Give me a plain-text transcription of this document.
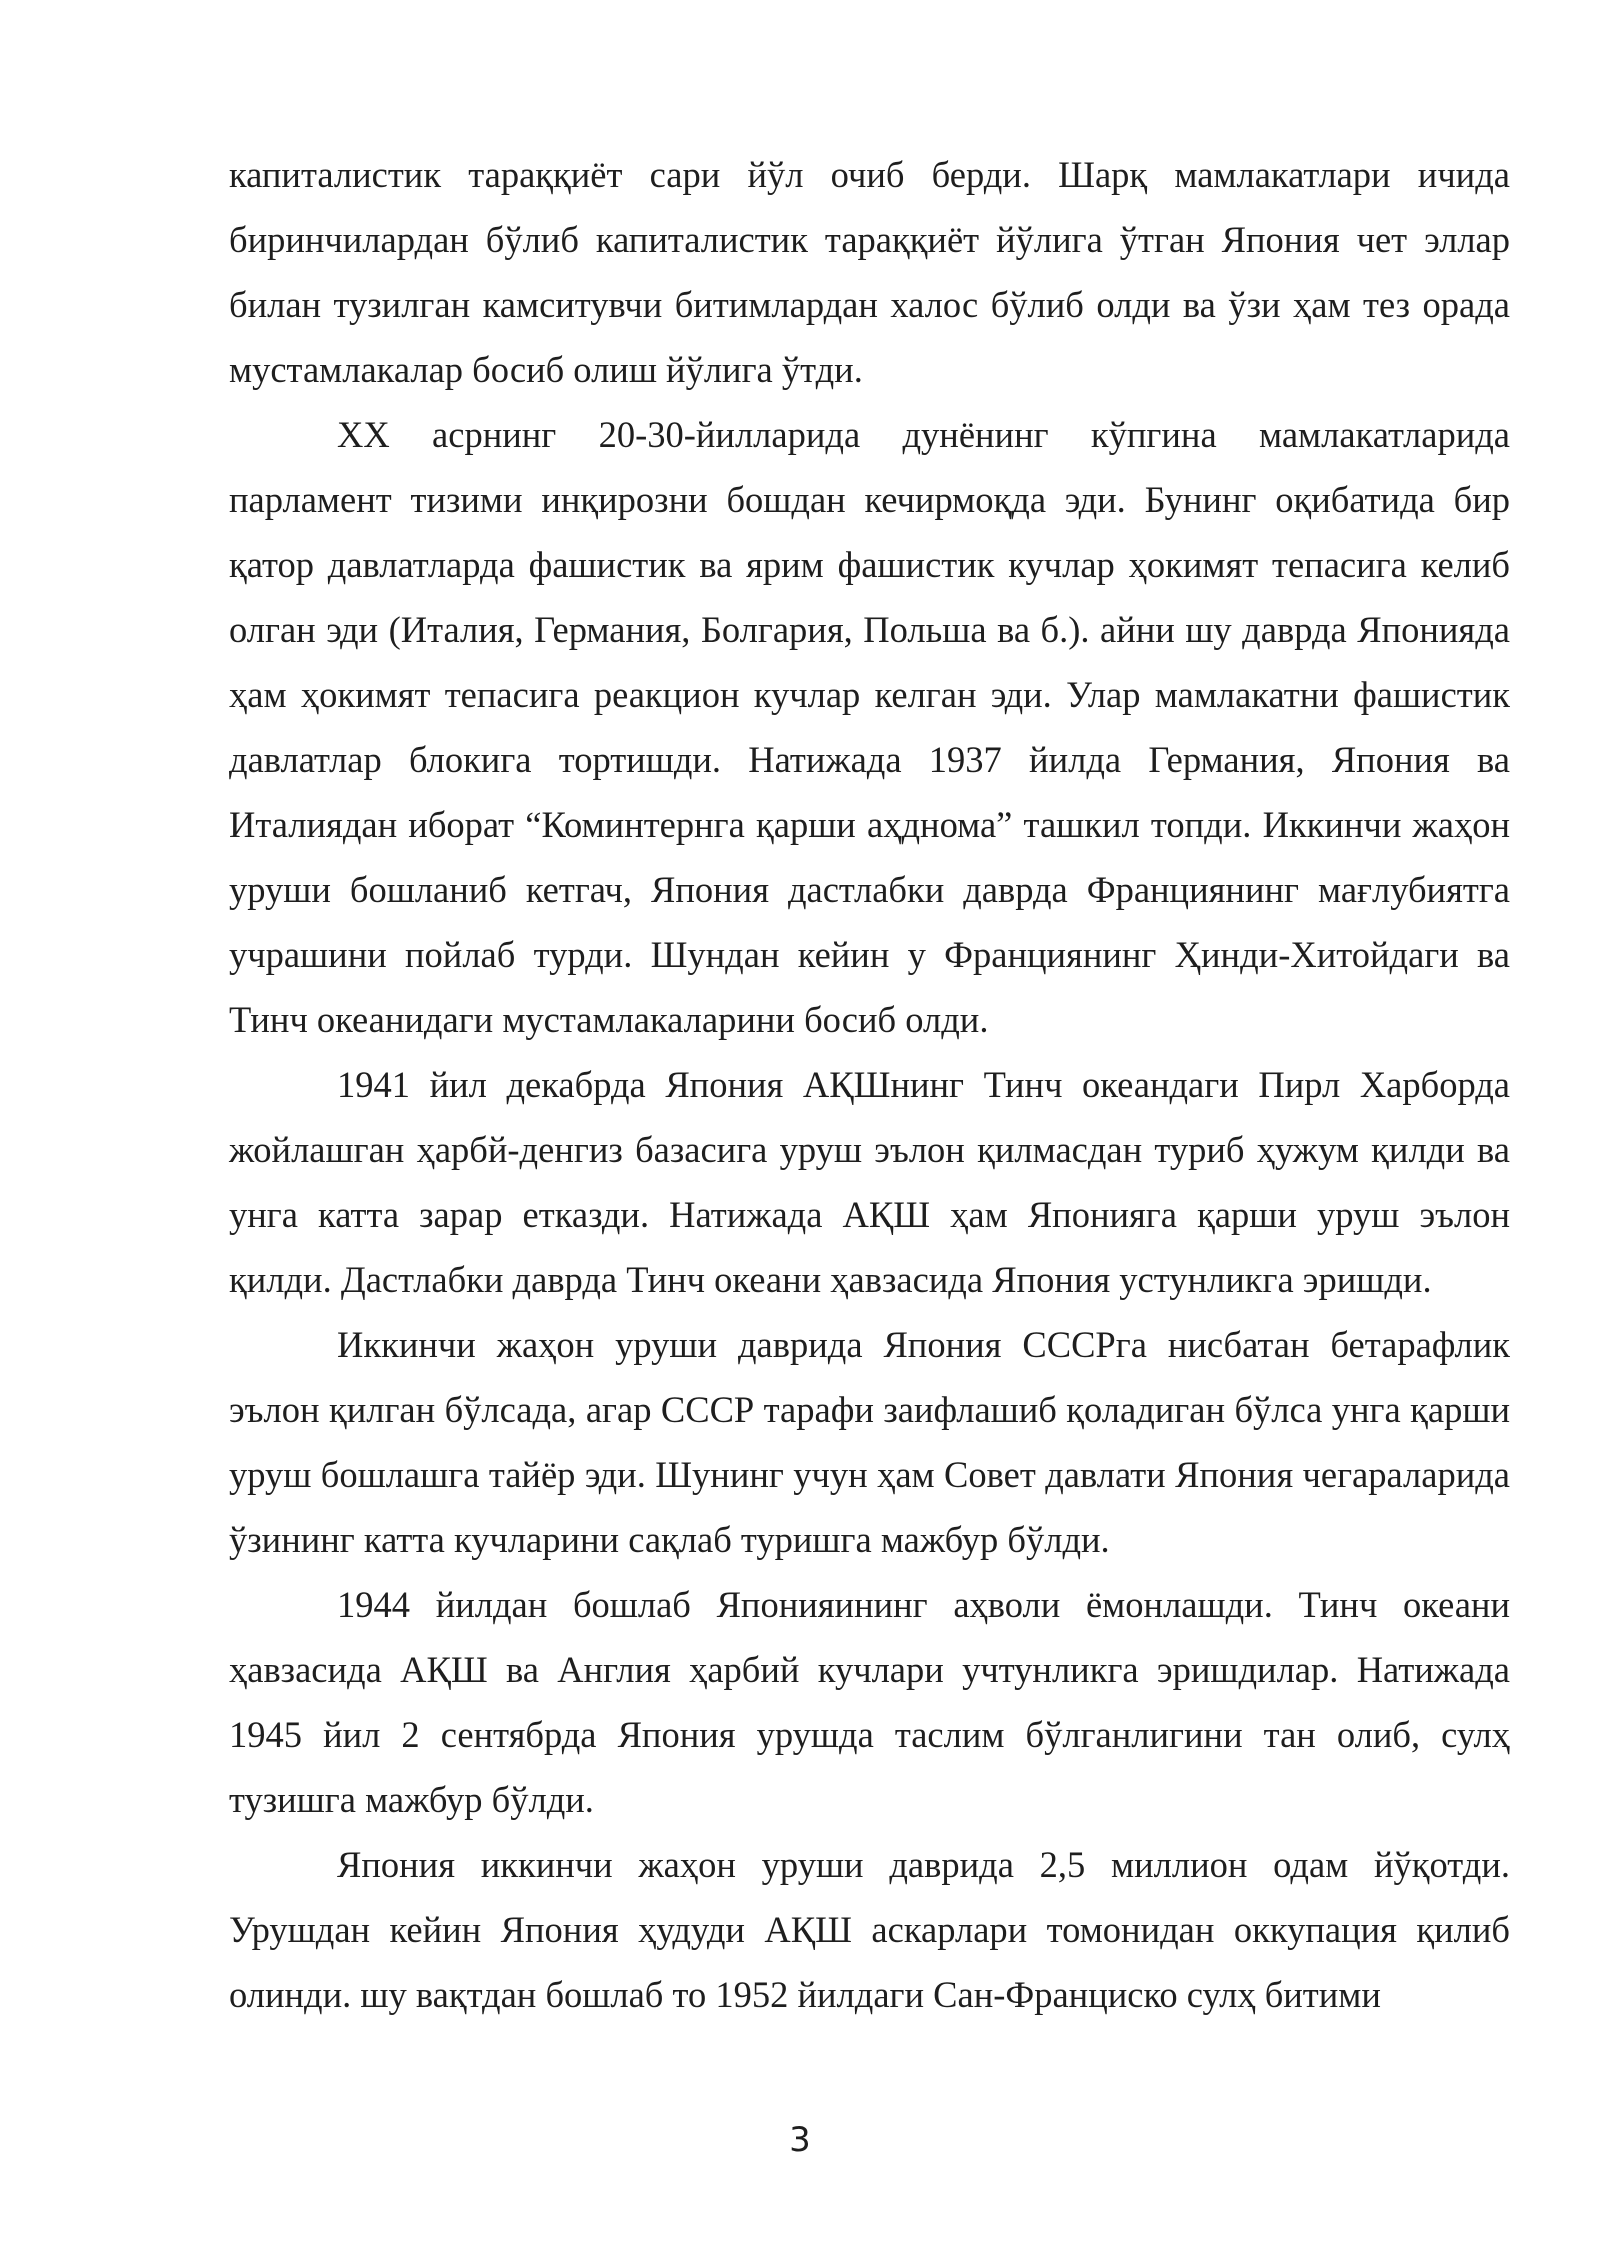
капиталистик тараққиёт сари йўл очиб берди. Шарқ мамлакатлари ичида биринчилардан бўлиб капиталистик тараққиёт йўлига ўтган Япония чет эллар билан тузилган камситувчи битимлардан халос бўлиб олди ва ўзи ҳам тез орада мустамлакалар босиб олиш йўлига ўтди.

XX асрнинг 20-30-йилларида дунёнинг кўпгина мамлакатларида парламент тизими инқирозни бошдан кечирмоқда эди. Бунинг оқибатида бир қатор давлатларда фашистик ва ярим фашистик кучлар ҳокимят тепасига келиб олган эди (Италия, Германия, Болгария, Польша ва б.). айни шу даврда Японияда ҳам ҳокимят тепасига реакцион кучлар келган эди. Улар мамлакатни фашистик давлатлар блокига тортишди. Натижада 1937 йилда Германия, Япония ва Италиядан иборат “Коминтернга қарши аҳднома” ташкил топди. Иккинчи жаҳон уруши бошланиб кетгач, Япония дастлабки даврда Франциянинг мағлубиятга учрашини пойлаб турди. Шундан кейин у Франциянинг Ҳинди-Хитойдаги ва Тинч океанидаги мустамлакаларини босиб олди.

1941 йил декабрда Япония АҚШнинг Тинч океандаги Пирл Харборда жойлашган ҳарбй-денгиз базасига уруш эълон қилмасдан туриб ҳужум қилди ва унга катта зарар етказди. Натижада АҚШ ҳам Японияга қарши уруш эълон қилди. Дастлабки даврда Тинч океани ҳавзасида Япония устунликга эришди.

Иккинчи жаҳон уруши даврида Япония СССРга нисбатан бетарафлик эълон қилган бўлсада, агар СССР тарафи заифлашиб қоладиган бўлса унга қарши уруш бошлашга тайёр эди. Шунинг учун ҳам Совет давлати Япония чегараларида ўзининг катта кучларини сақлаб туришга мажбур бўлди.

1944 йилдан бошлаб Японияининг аҳволи ёмонлашди. Тинч океани ҳавзасида АҚШ ва Англия ҳарбий кучлари учтунликга эришдилар. Натижада 1945 йил 2 сентябрда Япония урушда таслим бўлганлигини тан олиб, сулҳ тузишга мажбур бўлди.

Япония иккинчи жаҳон уруши даврида 2,5 миллион одам йўқотди. Урушдан кейин Япония ҳудуди АҚШ аскарлари томонидан оккупация қилиб олинди. шу вақтдан бошлаб то 1952 йилдаги Сан-Франциско сулҳ битими

3
